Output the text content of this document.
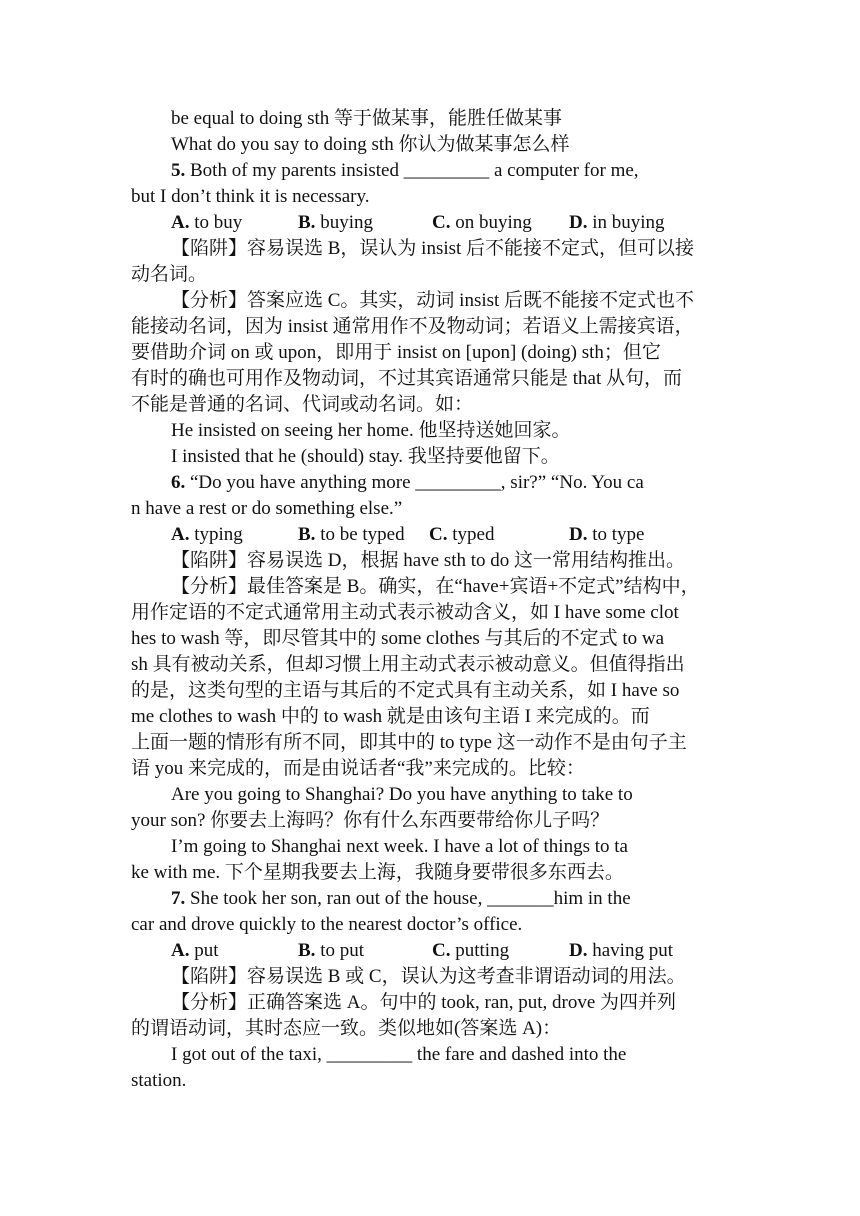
be equal to doing sth 等于做某事，能胜任做某事
What do you say to doing sth 你认为做某事怎么样
5. Both of my parents insisted _________ a computer for me,
but I don’t think it is necessary.
A. to buy	B. buying	C. on buying D. in buying
【陷阱】容易误选 B，误认为 insist 后不能接不定式，但可以接
动名词。
【分析】答案应选 C。其实，动词 insist 后既不能接不定式也不
能接动名词，因为 insist 通常用作不及物动词；若语义上需接宾语，
要借助介词 on 或 upon，即用于 insist on [upon] (doing) sth；但它
有时的确也可用作及物动词，不过其宾语通常只能是 that 从句，而
不能是普通的名词、代词或动名词。如：
He insisted on seeing her home. 他坚持送她回家。
I insisted that he (should) stay. 我坚持要他留下。
6. “Do you have anything more _________, sir?” “No. You ca
n have a rest or do something else.”
A. typing	B. to be typed C. typed	D. to type
【陷阱】容易误选 D，根据 have sth to do 这一常用结构推出。
【分析】最佳答案是 B。确实，在“have+宾语+不定式”结构中，
用作定语的不定式通常用主动式表示被动含义，如 I have some clot
hes to wash 等，即尽管其中的 some clothes 与其后的不定式 to wa
sh 具有被动关系，但却习惯上用主动式表示被动意义。但值得指出
的是，这类句型的主语与其后的不定式具有主动关系，如 I have so
me clothes to wash 中的 to wash 就是由该句主语 I 来完成的。而
上面一题的情形有所不同，即其中的 to type 这一动作不是由句子主
语 you 来完成的，而是由说话者“我”来完成的。比较：
Are you going to Shanghai? Do you have anything to take to
your son? 你要去上海吗？你有什么东西要带给你儿子吗？
I’m going to Shanghai next week. I have a lot of things to ta
ke with me. 下个星期我要去上海，我随身要带很多东西去。
7. She took her son, ran out of the house, _______him in the
car and drove quickly to the nearest doctor’s office.
A. put	B. to put	C. putting	D. having put
【陷阱】容易误选 B 或 C，误认为这考查非谓语动词的用法。
【分析】正确答案选 A。句中的 took, ran, put, drove 为四并列
的谓语动词，其时态应一致。类似地如(答案选 A)：
I got out of the taxi, _________ the fare and dashed into the
station.
